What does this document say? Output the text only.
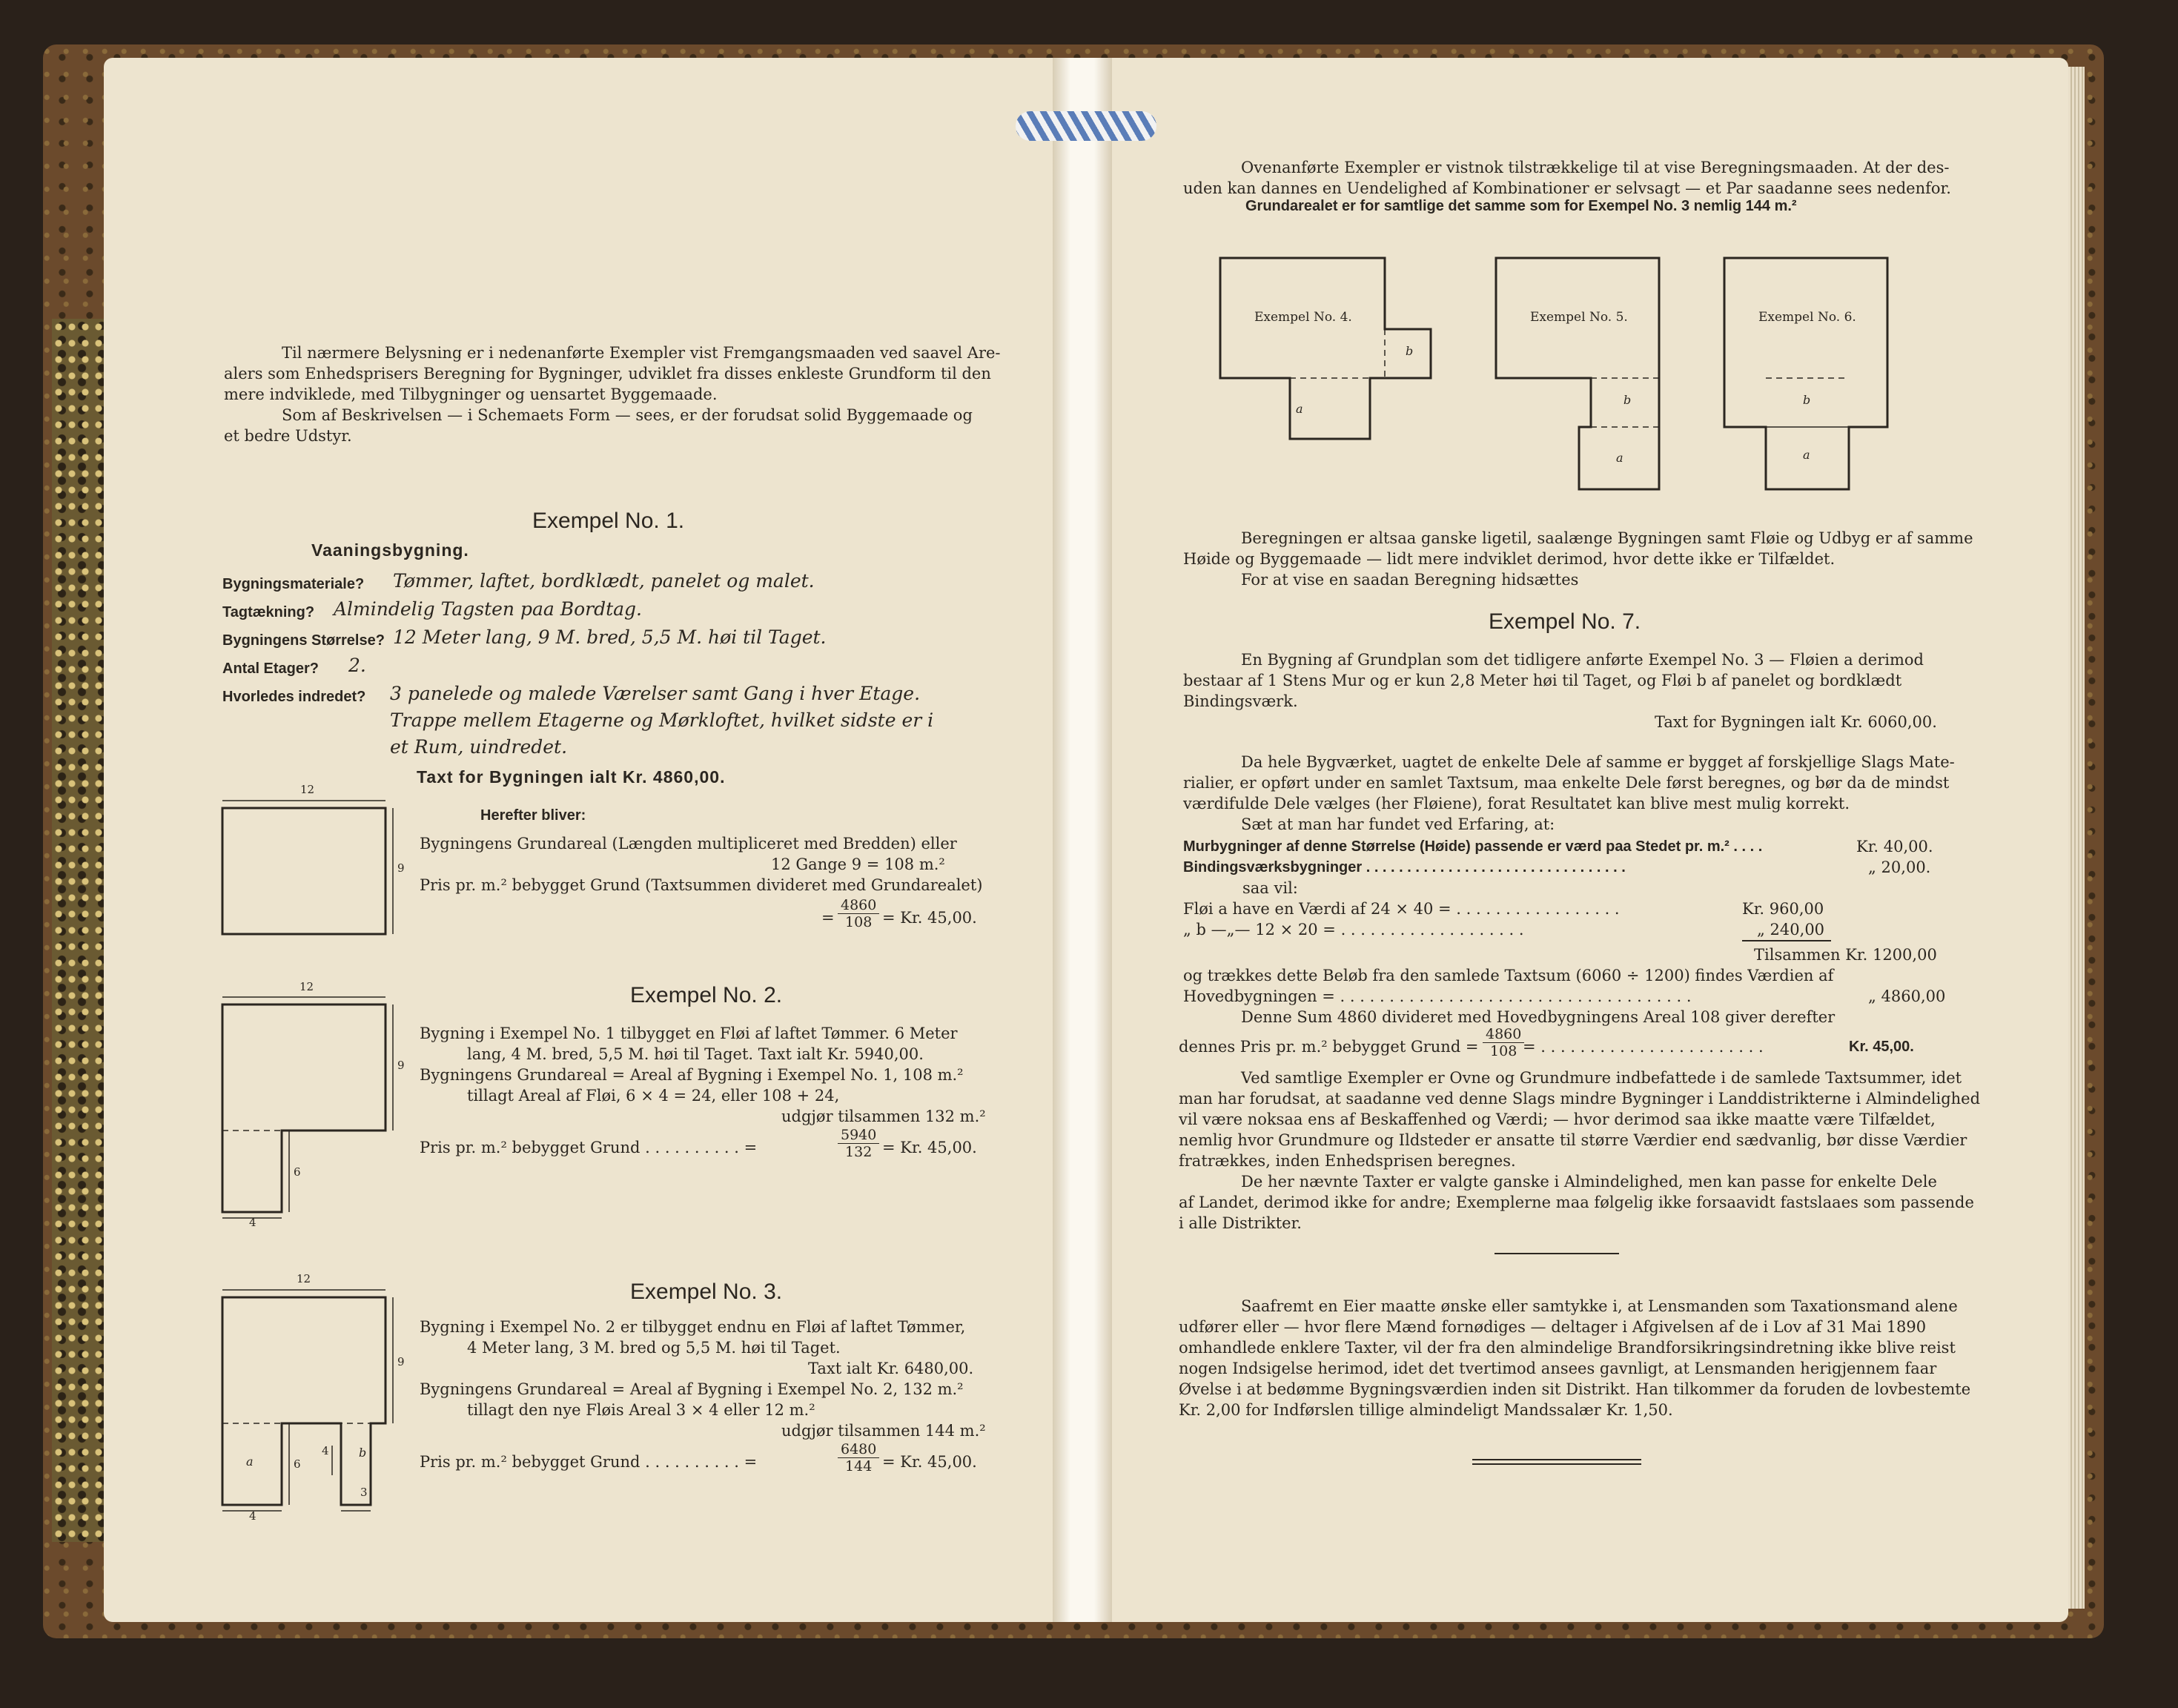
Til nærmere Belysning er i nedenanførte Exempler vist Fremgangsmaaden ved saavel Are-
alers som Enhedsprisers Beregning for Bygninger, udviklet fra disses enkleste Grundform til den
mere indviklede, med Tilbygninger og uensartet Byggemaade.
Som af Beskrivelsen — i Schemaets Form — sees, er der forudsat solid Byggemaade og
et bedre Udstyr.
Exempel No. 1.
Vaaningsbygning.
Bygningsmateriale? Tømmer, laftet, bordklædt, panelet og malet.
Tagtækning? Almindelig Tagsten paa Bordtag.
Bygningens Størrelse? 12 Meter lang, 9 M. bred, 5,5 M. høi til Taget.
Antal Etager? 2.
Hvorledes indredet? 3 panelede og malede Værelser samt Gang i hver Etage.
Trappe mellem Etagerne og Mørkloftet, hvilket sidste er i
et Rum, uindredet.
Taxt for Bygningen ialt Kr. 4860,00.
12
9
Herefter bliver:
Bygningens Grundareal (Længden multipliceret med Bredden) eller
12 Gange 9 = 108 m.²
Pris pr. m.² bebygget Grund (Taxtsummen divideret med Grundarealet)
= $\frac{4860}{108} = Kr$. 45,00.
Exempel No. 2.
12
9
6
4
Bygning i Exempel No. 1 tilbygget en Fløi af laftet Tømmer. 6 Meter
lang, 4 M. bred, 5,5 M. høi til Taget. Taxt ialt Kr. 5940,00.
Bygningens Grundareal = Areal af Bygning i Exempel No. 1, 108 m.²
tillagt Areal af Fløi, 6 × 4 = 24, eller 108 + 24,
udgjør tilsammen 132 m.²
Pris pr. m.² bebygget Grund . . . . . . . . . . =	$\frac{5940}{132} = Kr$. 45,00.
Exempel No. 3.
12
9
a	6
4	b
4
3
Bygning i Exempel No. 2 er tilbygget endnu en Fløi af laftet Tømmer,
4 Meter lang, 3 M. bred og 5,5 M. høi til Taget.
Taxt ialt Kr. 6480,00.
Bygningens Grundareal = Areal af Bygning i Exempel No. 2, 132 m.²
tillagt den nye Fløis Areal 3 × 4 eller 12 m.²
udgjør tilsammen 144 m.²
Pris pr. m.² bebygget Grund . . . . . . . . . . =	$\frac{6480}{144} = Kr$. 45,00.
Ovenanførte Exempler er vistnok tilstrækkelige til at vise Beregningsmaaden. At der des-
uden kan dannes en Uendelighed af Kombinationer er selvsagt — et Par saadanne sees nedenfor.
Grundarealet er for samtlige det samme som for Exempel No. 3 nemlig 144 m.²
Exempel No. 4.
a
b
Exempel No. 5.
b
a
Exempel No. 6.
b
a
Beregningen er altsaa ganske ligetil, saalænge Bygningen samt Fløie og Udbyg er af samme
Høide og Byggemaade — lidt mere indviklet derimod, hvor dette ikke er Tilfældet.
For at vise en saadan Beregning hidsættes
Exempel No. 7.
En Bygning af Grundplan som det tidligere anførte Exempel No. 3 — Fløien a derimod
bestaar af 1 Stens Mur og er kun 2,8 Meter høi til Taget, og Fløi b af panelet og bordklædt
Bindingsværk.
Taxt for Bygningen ialt Kr. 6060,00.
Da hele Bygværket, uagtet de enkelte Dele af samme er bygget af forskjellige Slags Mate-
rialier, er opført under en samlet Taxtsum, maa enkelte Dele først beregnes, og bør da de mindst
værdifulde Dele vælges (her Fløiene), forat Resultatet kan blive mest mulig korrekt.
Sæt at man har fundet ved Erfaring, at:
Murbygninger af denne Størrelse (Høide) passende er værd paa Stedet pr. m.² . . . .	Kr. 40,00.
Bindingsværksbygninger . . . . . . . . . . . . . . . . . . . . . . . . . . . . . . . .	„ 20,00.
saa vil:
Fløi a have en Værdi af 24 × 40 = . . . . . . . . . . . . . . . . .	Kr. 960,00
„ b —„— 12 × 20 = . . . . . . . . . . . . . . . . . . .	„ 240,00
Tilsammen Kr. 1200,00
og trækkes dette Beløb fra den samlede Taxtsum (6060 ÷ 1200) findes Værdien af
Hovedbygningen = . . . . . . . . . . . . . . . . . . . . . . . . . . . . . . . . . . . .	„ 4860,00
Denne Sum 4860 divideret med Hovedbygningens Areal 108 giver derefter
dennes Pris pr. m.² bebygget Grund = $\frac{4860}{108}$
= . . . . . . . . . . . . . . . . . . . . . . .	Kr. 45,00.
Ved samtlige Exempler er Ovne og Grundmure indbefattede i de samlede Taxtsummer, idet
man har forudsat, at saadanne ved denne Slags mindre Bygninger i Landdistrikterne i Almindelighed
vil være noksaa ens af Beskaffenhed og Værdi; — hvor derimod saa ikke maatte være Tilfældet,
nemlig hvor Grundmure og Ildsteder er ansatte til større Værdier end sædvanlig, bør disse Værdier
fratrækkes, inden Enhedsprisen beregnes.
De her nævnte Taxter er valgte ganske i Almindelighed, men kan passe for enkelte Dele
af Landet, derimod ikke for andre; Exemplerne maa følgelig ikke forsaavidt fastslaaes som passende
i alle Distrikter.
Saafremt en Eier maatte ønske eller samtykke i, at Lensmanden som Taxationsmand alene
udfører eller — hvor flere Mænd fornødiges — deltager i Afgivelsen af de i Lov af 31 Mai 1890
omhandlede enklere Taxter, vil der fra den almindelige Brandforsikringsindretning ikke blive reist
nogen Indsigelse herimod, idet det tvertimod ansees gavnligt, at Lensmanden herigjennem faar
Øvelse i at bedømme Bygningsværdien inden sit Distrikt. Han tilkommer da foruden de lovbestemte
Kr. 2,00 for Indførslen tillige almindeligt Mandssalær Kr. 1,50.
